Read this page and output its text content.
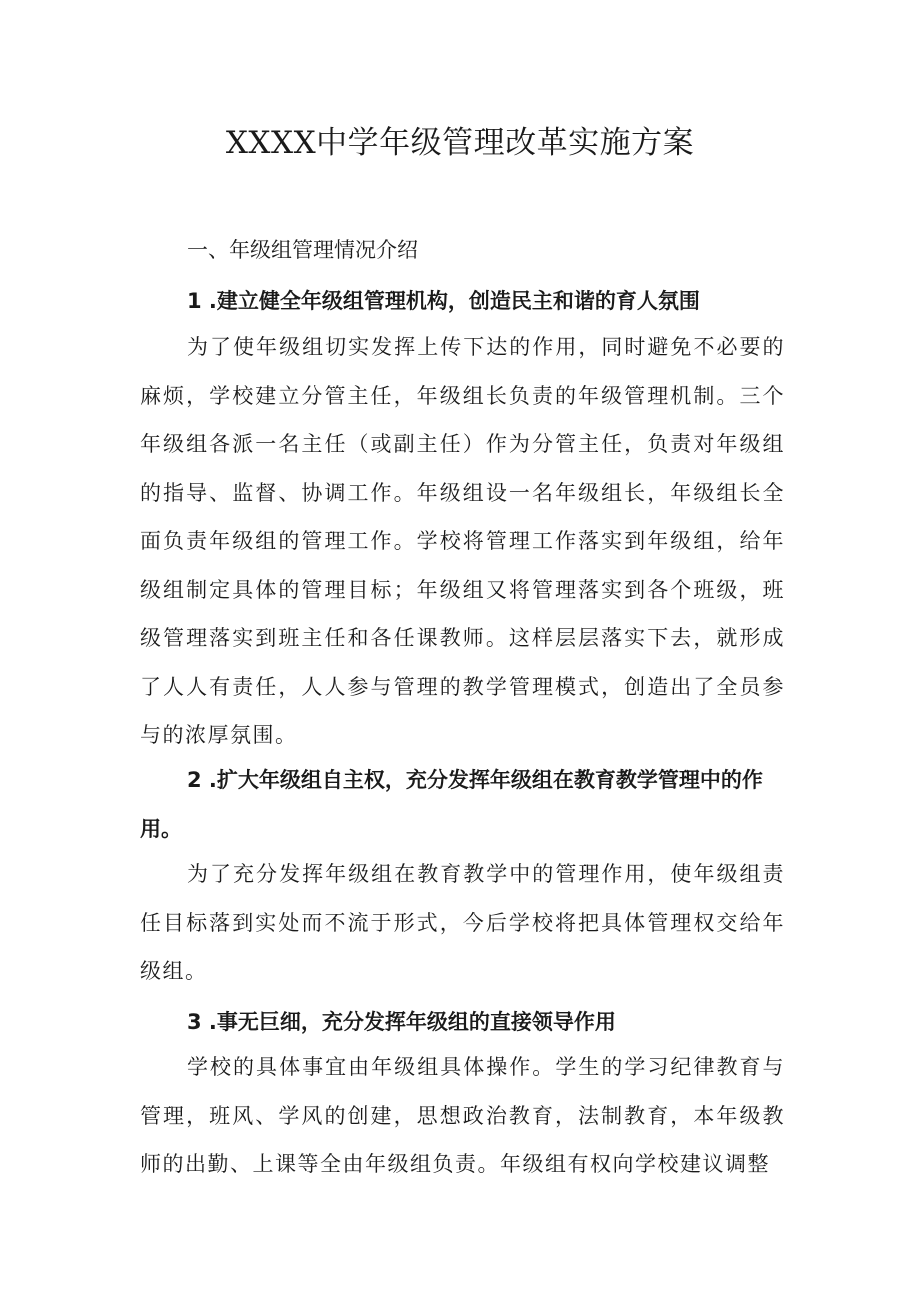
XXXX中学年级管理改革实施方案
一、年级组管理情况介绍
1 .建立健全年级组管理机构，创造民主和谐的育人氛围

为了使年级组切实发挥上传下达的作用，同时避免不必要的麻烦，学校建立分管主任，年级组长负责的年级管理机制。三个年级组各派一名主任（或副主任）作为分管主任，负责对年级组的指导、监督、协调工作。年级组设一名年级组长，年级组长全面负责年级组的管理工作。学校将管理工作落实到年级组，给年级组制定具体的管理目标；年级组又将管理落实到各个班级，班级管理落实到班主任和各任课教师。这样层层落实下去，就形成了人人有责任，人人参与管理的教学管理模式，创造出了全员参与的浓厚氛围。

2 .扩大年级组自主权，充分发挥年级组在教育教学管理中的作用。

为了充分发挥年级组在教育教学中的管理作用，使年级组责任目标落到实处而不流于形式，今后学校将把具体管理权交给年级组。

3 .事无巨细，充分发挥年级组的直接领导作用

学校的具体事宜由年级组具体操作。学生的学习纪律教育与管理，班风、学风的创建，思想政治教育，法制教育，本年级教师的出勤、上课等全由年级组负责。年级组有权向学校建议调整
